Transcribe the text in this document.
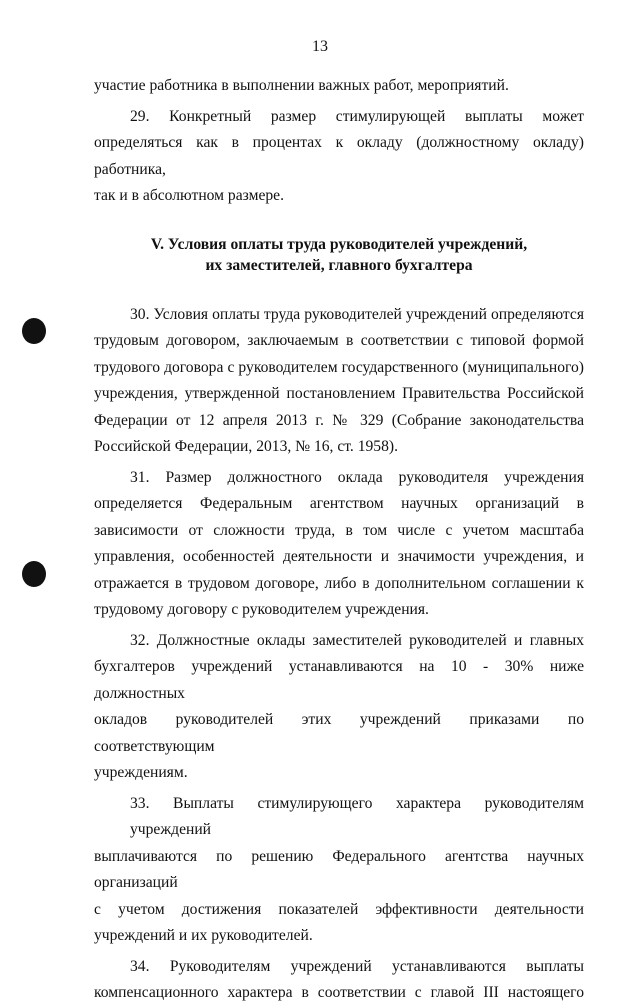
13
участие работника в выполнении важных работ, мероприятий.
29. Конкретный размер стимулирующей выплаты может
определяться как в процентах к окладу (должностному окладу) работника,
так и в абсолютном размере.
V. Условия оплаты труда руководителей учреждений,
их заместителей, главного бухгалтера
30. Условия оплаты труда руководителей учреждений определяются
трудовым договором, заключаемым в соответствии с типовой формой
трудового договора с руководителем государственного (муниципального)
учреждения, утвержденной постановлением Правительства Российской
Федерации от 12 апреля 2013 г. № 329 (Собрание законодательства
Российской Федерации, 2013, № 16, ст. 1958).
31. Размер должностного оклада руководителя учреждения
определяется Федеральным агентством научных организаций в
зависимости от сложности труда, в том числе с учетом масштаба
управления, особенностей деятельности и значимости учреждения, и
отражается в трудовом договоре, либо в дополнительном соглашении к
трудовому договору с руководителем учреждения.
32. Должностные оклады заместителей руководителей и главных
бухгалтеров учреждений устанавливаются на 10 - 30% ниже должностных
окладов руководителей этих учреждений приказами по соответствующим
учреждениям.
33. Выплаты стимулирующего характера руководителям учреждений
выплачиваются по решению Федерального агентства научных организаций
с учетом достижения показателей эффективности деятельности
учреждений и их руководителей.
34. Руководителям учреждений устанавливаются выплаты
компенсационного характера в соответствии с главой III настоящего
